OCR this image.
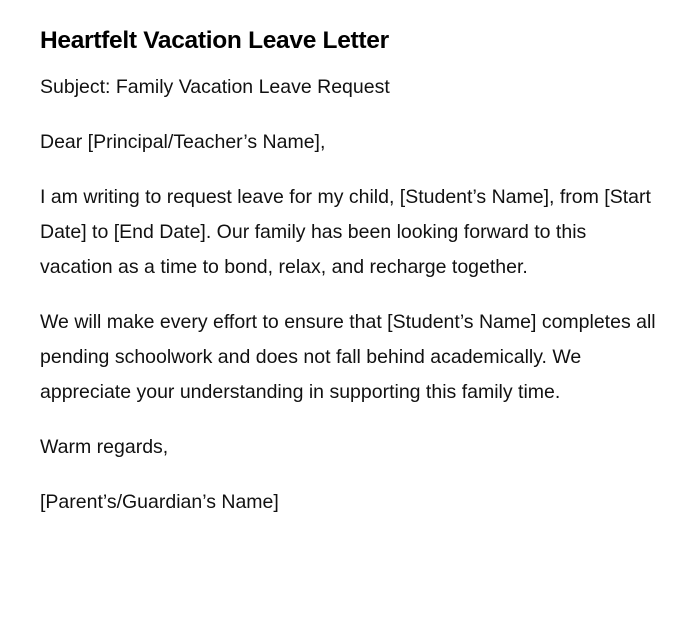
Heartfelt Vacation Leave Letter

Subject: Family Vacation Leave Request

Dear [Principal/Teacher’s Name],

I am writing to request leave for my child, [Student’s Name], from [Start Date] to [End Date]. Our family has been looking forward to this vacation as a time to bond, relax, and recharge together.

We will make every effort to ensure that [Student’s Name] completes all pending schoolwork and does not fall behind academically. We appreciate your understanding in supporting this family time.

Warm regards,

[Parent’s/Guardian’s Name]
